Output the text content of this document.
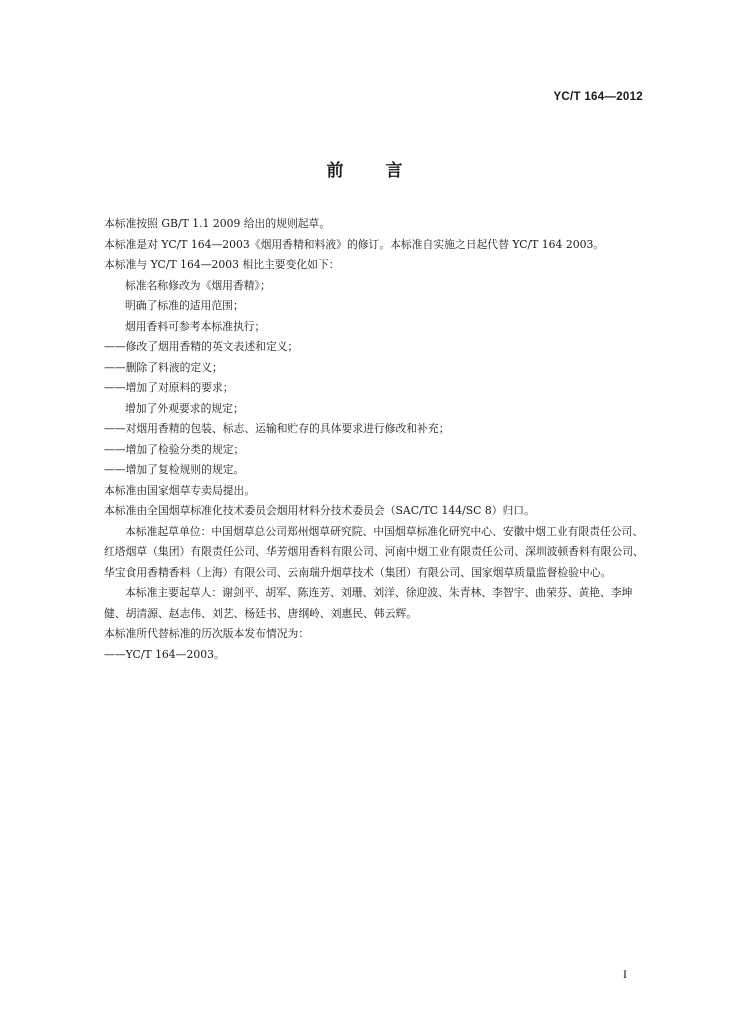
YC/T 164—2012
前 言

本标准按照 GB/T 1.1 2009 给出的规则起草。

本标准是对 YC/T 164—2003《烟用香精和料液》的修订。本标准自实施之日起代替 YC/T 164 2003。

本标准与 YC/T 164—2003 相比主要变化如下：

标准名称修改为《烟用香精》；

明确了标准的适用范围；

烟用香料可参考本标准执行；

——修改了烟用香精的英文表述和定义；

——删除了料液的定义；

——增加了对原料的要求；

增加了外观要求的规定；

——对烟用香精的包装、标志、运输和贮存的具体要求进行修改和补充；

——增加了检验分类的规定；

——增加了复检规则的规定。

本标准由国家烟草专卖局提出。

本标准由全国烟草标准化技术委员会烟用材料分技术委员会（SAC/TC 144/SC 8）归口。

本标准起草单位：中国烟草总公司郑州烟草研究院、中国烟草标准化研究中心、安徽中烟工业有限责任公司、红塔烟草（集团）有限责任公司、华芳烟用香料有限公司、河南中烟工业有限责任公司、深圳波顿香料有限公司、华宝食用香精香料（上海）有限公司、云南瑞升烟草技术（集团）有限公司、国家烟草质量监督检验中心。

本标准主要起草人：谢剑平、胡军、陈连芳、刘珊、刘洋、徐迎波、朱青林、李智宇、曲荣芬、黄艳、李坤健、胡清源、赵志伟、刘艺、杨廷书、唐纲岭、刘惠民、韩云辉。

本标准所代替标准的历次版本发布情况为：

——YC/T 164—2003。

I
